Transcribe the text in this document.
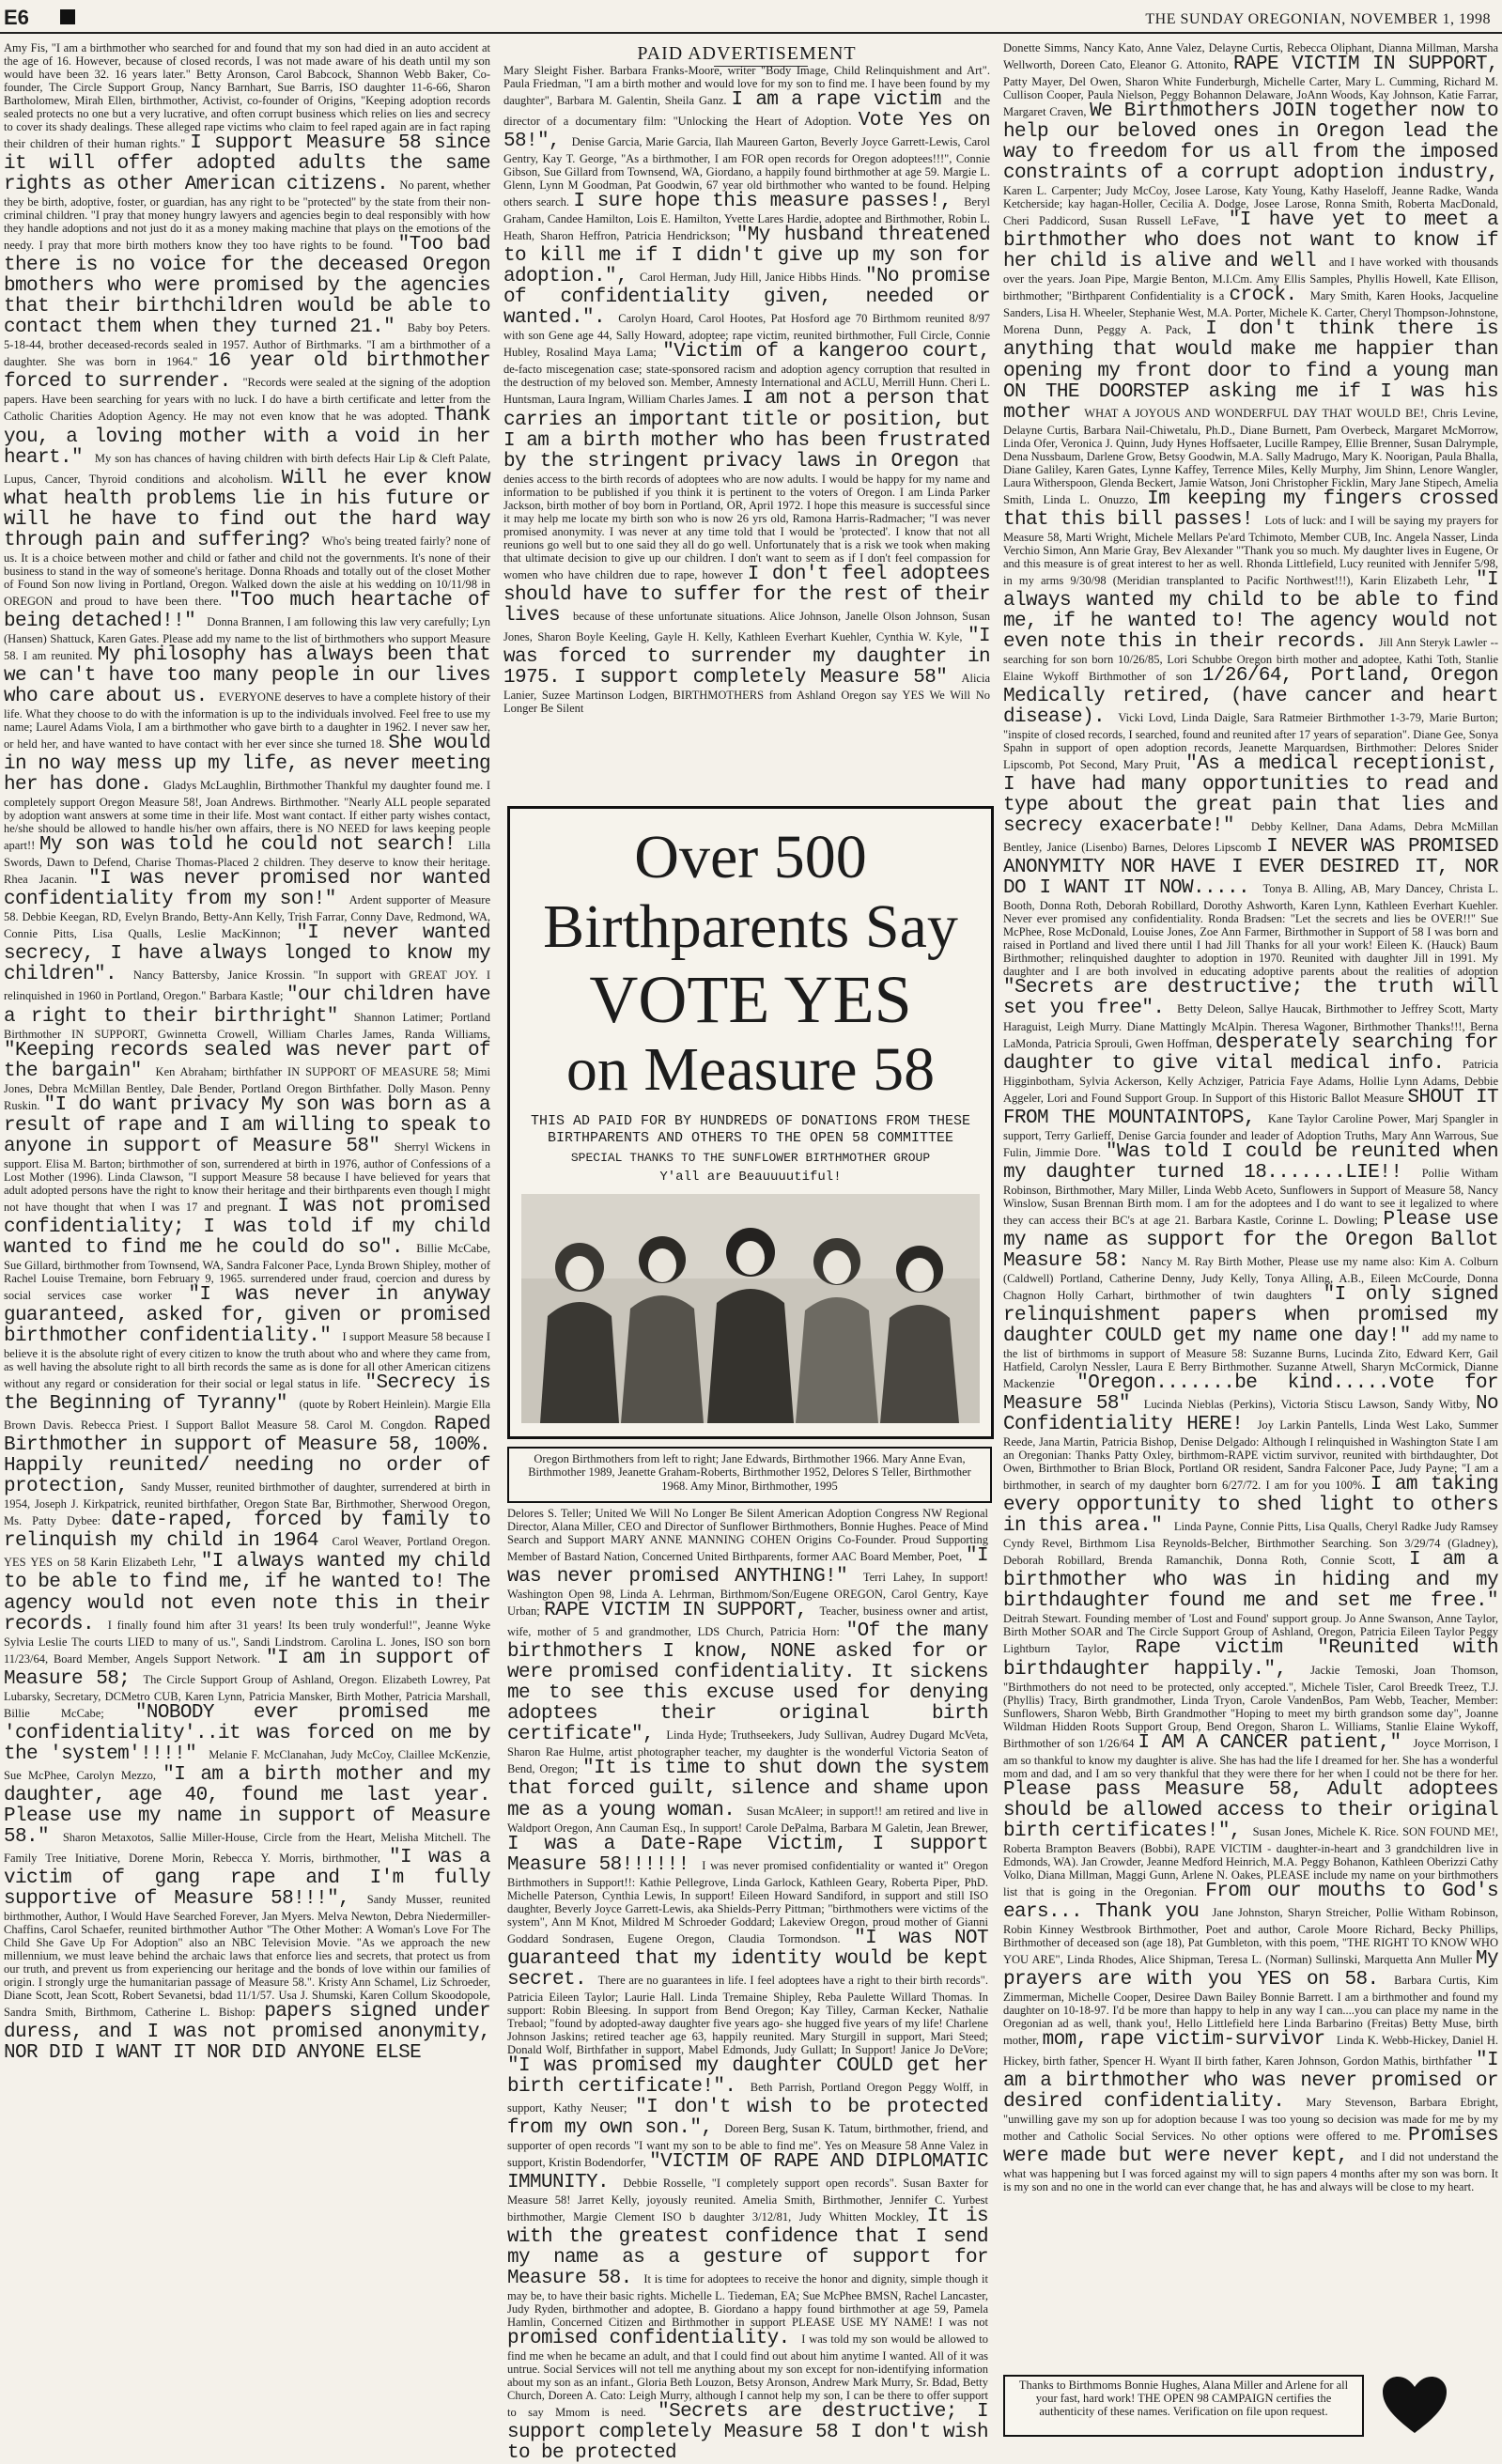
E6	THE SUNDAY OREGONIAN, NOVEMBER 1, 1998
PAID ADVERTISEMENT
Amy Fis, "I am a birthmother who searched for and found that my son had died in an auto accident at the age of 16. However, because of closed records, I was not made aware of his death until my son would have been 32. 16 years later." Betty Aronson, Carol Babcock, Shannon Webb Baker, Co-founder, The Circle Support Group, Nancy Barnhart, Sue Barris, ISO daughter 11-6-66, Sharon Bartholomew, Mirah Ellen, birthmother, Activist, co-founder of Origins, "Keeping adoption records sealed protects no one but a very lucrative, and often corrupt business which relies on lies and secrecy to cover its shady dealings. These alleged rape victims who claim to feel raped again are in fact raping their children of their human rights." I support Measure 58 since it will offer adopted adults the same rights as other American citizens. No parent, whether they be birth, adoptive, foster, or guardian, has any right to be "protected" by the state from their non-criminal children. "I pray that money hungry lawyers and agencies begin to deal responsibly with how they handle adoptions and not just do it as a money making machine that plays on the emotions of the needy. I pray that more birth mothers know they too have rights to be found. "Too bad there is no voice for the deceased Oregon bmothers who were promised by the agencies that their birthchildren would be able to contact them when they turned 21." Baby boy Peters. 5-18-44, brother deceased-records sealed in 1957. Author of Birthmarks. "I am a birthmother of a daughter. She was born in 1964." 16 year old birthmother forced to surrender. "Records were sealed at the signing of the adoption papers. Have been searching for years with no luck. I do have a birth certificate and letter from the Catholic Charities Adoption Agency. He may not even know that he was adopted. Thank you, a loving mother with a void in her heart." My son has chances of having children with birth defects Hair Lip & Cleft Palate, Lupus, Cancer, Thyroid conditions and alcoholism. Will he ever know what health problems lie in his future or will he have to find out the hard way through pain and suffering? Who's being treated fairly? none of us. It is a choice between mother and child or father and child not the governments. It's none of their business to stand in the way of someone's heritage. Donna Rhoads and totally out of the closet Mother of Found Son now living in Portland, Oregon. Walked down the aisle at his wedding on 10/11/98 in OREGON and proud to have been there. "Too much heartache of being detached!!" Donna Brannen, I am following this law very carefully; Lyn (Hansen) Shattuck, Karen Gates. Please add my name to the list of birthmothers who support Measure 58. I am reunited. My philosophy has always been that we can't have too many people in our lives who care about us. EVERYONE deserves to have a complete history of their life. What they choose to do with the information is up to the individuals involved. Feel free to use my name; Laurel Adams Viola, I am a birthmother who gave birth to a daughter in 1962. I never saw her, or held her, and have wanted to have contact with her ever since she turned 18. She would in no way mess up my life, as never meeting her has done. Gladys McLaughlin, Birthmother Thankful my daughter found me. I completely support Oregon Measure 58!, Joan Andrews. Birthmother. "Nearly ALL people separated by adoption want answers at some time in their life. Most want contact. If either party wishes contact, he/she should be allowed to handle his/her own affairs, there is NO NEED for laws keeping people apart!! My son was told he could not search! Lilla Swords, Dawn to Defend, Charise Thomas-Placed 2 children. They deserve to know their heritage. Rhea Jacanin. "I was never promised nor wanted confidentiality from my son!" Ardent supporter of Measure 58. Debbie Keegan, RD, Evelyn Brando, Betty-Ann Kelly, Trish Farrar, Conny Dave, Redmond, WA, Connie Pitts, Lisa Qualls, Leslie MacKinnon; "I never wanted secrecy, I have always longed to know my children". Nancy Battersby, Janice Krossin. "In support with GREAT JOY. I relinquished in 1960 in Portland, Oregon." Barbara Kastle; "our children have a right to their birthright" Shannon Latimer; Portland Birthmother IN SUPPORT, Gwinnetta Crowell, William Charles James, Randa Williams, "Keeping records sealed was never part of the bargain" Ken Abraham; birthfather IN SUPPORT OF MEASURE 58; Mimi Jones, Debra McMillan Bentley, Dale Bender, Portland Oregon Birthfather. Dolly Mason. Penny Ruskin. "I do want privacy My son was born as a result of rape and I am willing to speak to anyone in support of Measure 58" Sherryl Wickens in support. Elisa M. Barton; birthmother of son, surrendered at birth in 1976, author of Confessions of a Lost Mother (1996). Linda Clawson, "I support Measure 58 because I have believed for years that adult adopted persons have the right to know their heritage and their birthparents even though I might not have thought that when I was 17 and pregnant. I was not promised confidentiality; I was told if my child wanted to find me he could do so". Billie McCabe, Sue Gillard, birthmother from Townsend, WA, Sandra Falconer Pace, Lynda Brown Shipley, mother of Rachel Louise Tremaine, born February 9, 1965. surrendered under fraud, coercion and duress by social services case worker "I was never in anyway guaranteed, asked for, given or promised birthmother confidentiality." I support Measure 58 because I believe it is the absolute right of every citizen to know the truth about who and where they came from, as well having the absolute right to all birth records the same as is done for all other American citizens without any regard or consideration for their social or legal status in life. "Secrecy is the Beginning of Tyranny" (quote by Robert Heinlein). Margie Ella Brown Davis. Rebecca Priest. I Support Ballot Measure 58. Carol M. Congdon. Raped Birthmother in support of Measure 58, 100%. Happily reunited/ needing no order of protection, Sandy Musser, reunited birthmother of daughter, surrendered at birth in 1954, Joseph J. Kirkpatrick, reunited birthfather, Oregon State Bar, Birthmother, Sherwood Oregon, Ms. Patty Dybee: date-raped, forced by family to relinquish my child in 1964 Carol Weaver, Portland Oregon. YES YES on 58 Karin Elizabeth Lehr, "I always wanted my child to be able to find me, if he wanted to! The agency would not even note this in their records. I finally found him after 31 years! Its been truly wonderful!", Jeanne Wyke Sylvia Leslie The courts LIED to many of us.", Sandi Lindstrom. Carolina L. Jones, ISO son born 11/23/64, Board Member, Angels Support Network. "I am in support of Measure 58; The Circle Support Group of Ashland, Oregon. Elizabeth Lowrey, Pat Lubarsky, Secretary, DCMetro CUB, Karen Lynn, Patricia Mansker, Birth Mother, Patricia Marshall, Billie McCabe; "NOBODY ever promised me 'confidentiality'..it was forced on me by the 'system'!!!!" Melanie F. McClanahan, Judy McCoy, Claillee McKenzie, Sue McPhee, Carolyn Mezzo, "I am a birth mother and my daughter, age 40, found me last year. Please use my name in support of Measure 58." Sharon Metaxotos, Sallie Miller-House, Circle from the Heart, Melisha Mitchell. The Family Tree Initiative, Dorene Morin, Rebecca Y. Morris, birthmother, "I was a victim of gang rape and I'm fully supportive of Measure 58!!!", Sandy Musser, reunited birthmother, Author, I Would Have Searched Forever, Jan Myers. Melva Newton, Debra Niedermiller-Chaffins, Carol Schaefer, reunited birthmother Author "The Other Mother: A Woman's Love For The Child She Gave Up For Adoption" also an NBC Television Movie. "As we approach the new millennium, we must leave behind the archaic laws that enforce lies and secrets, that protect us from our truth, and prevent us from experiencing our heritage and the bonds of love within our families of origin. I strongly urge the humanitarian passage of Measure 58.". Kristy Ann Schamel, Liz Schroeder, Diane Scott, Jean Scott, Robert Sevanetsi, bdad 11/1/57. Usa J. Shumski, Karen Collum Skoodopole, Sandra Smith, Birthmom, Catherine L. Bishop: papers signed under duress, and I was not promised anonymity, NOR DID I WANT IT NOR DID ANYONE ELSE
Mary Sleight Fisher. Barbara Franks-Moore, writer "Body Image, Child Relinquishment and Art". Paula Friedman, "I am a birth mother and would love for my son to find me. I have been found by my daughter", Barbara M. Galentin, Sheila Ganz. I am a rape victim and the director of a documentary film: "Unlocking the Heart of Adoption. Vote Yes on 58!", Denise Garcia, Marie Garcia, Ilah Maureen Garton, Beverly Joyce Garrett-Lewis, Carol Gentry, Kay T. George, "As a birthmother, I am FOR open records for Oregon adoptees!!!", Connie Gibson, Sue Gillard from Townsend, WA, Giordano, a happily found birthmother at age 59. Margie L. Glenn, Lynn M Goodman, Pat Goodwin, 67 year old birthmother who wanted to be found. Helping others search. I sure hope this measure passes!, Beryl Graham, Candee Hamilton, Lois E. Hamilton, Yvette Lares Hardie, adoptee and Birthmother, Robin L. Heath, Sharon Heffron, Patricia Hendrickson; "My husband threatened to kill me if I didn't give up my son for adoption.", Carol Herman, Judy Hill, Janice Hibbs Hinds. "No promise of confidentiality given, needed or wanted.". Carolyn Hoard, Carol Hootes, Pat Hosford age 70 Birthmom reunited 8/97 with son Gene age 44, Sally Howard, adoptee; rape victim, reunited birthmother, Full Circle, Connie Hubley, Rosalind Maya Lama; "Victim of a kangeroo court, de-facto miscegenation case; state-sponsored racism and adoption agency corruption that resulted in the destruction of my beloved son. Member, Amnesty International and ACLU, Merrill Hunn. Cheri L. Huntsman, Laura Ingram, William Charles James. I am not a person that carries an important title or position, but I am a birth mother who has been frustrated by the stringent privacy laws in Oregon that denies access to the birth records of adoptees who are now adults. I would be happy for my name and information to be published if you think it is pertinent to the voters of Oregon. I am Linda Parker Jackson, birth mother of boy born in Portland, OR, April 1972. I hope this measure is successful since it may help me locate my birth son who is now 26 yrs old, Ramona Harris-Radmacher; "I was never promised anonymity. I was never at any time told that I would be 'protected'. I know that not all reunions go well but to one said they all do go well. Unfortunately that is a risk we took when making that ultimate decision to give up our children. I don't want to seem as if I don't feel compassion for women who have children due to rape, however I don't feel adoptees should have to suffer for the rest of their lives because of these unfortunate situations. Alice Johnson, Janelle Olson Johnson, Susan Jones, Sharon Boyle Keeling, Gayle H. Kelly, Kathleen Everhart Kuehler, Cynthia W. Kyle, "I was forced to surrender my daughter in 1975. I support completely Measure 58" Alicia Lanier, Suzee Martinson Lodgen, BIRTHMOTHERS from Ashland Oregon say YES We Will No Longer Be Silent
Over 500
Birthparents Say
VOTE YES
on Measure 58
THIS AD PAID FOR BY HUNDREDS OF DONATIONS FROM THESE BIRTHPARENTS AND OTHERS TO THE OPEN 58 COMMITTEE
SPECIAL THANKS TO THE SUNFLOWER BIRTHMOTHER GROUP
Y'all are Beauuuutiful!
Oregon Birthmothers from left to right; Jane Edwards, Birthmother 1966. Mary Anne Evan, Birthmother 1989, Jeanette Graham-Roberts, Birthmother 1952, Delores S Teller, Birthmother 1968. Amy Minor, Birthmother, 1995
Delores S. Teller; United We Will No Longer Be Silent American Adoption Congress NW Regional Director, Alana Miller, CEO and Director of Sunflower Birthmothers, Bonnie Hughes. Peace of Mind Search and Support MARY ANNE MANNING COHEN Origins Co-Founder. Proud Supporting Member of Bastard Nation, Concerned United Birthparents, former AAC Board Member, Poet, "I was never promised ANYTHING!" Terri Lahey, In support! Washington Open 98, Linda A. Lehrman, Birthmom/Son/Eugene OREGON, Carol Gentry, Kaye Urban; RAPE VICTIM IN SUPPORT, Teacher, business owner and artist, wife, mother of 5 and grandmother, LDS Church, Patricia Horn: "Of the many birthmothers I know, NONE asked for or were promised confidentiality. It sickens me to see this excuse used for denying adoptees their original birth certificate", Linda Hyde; Truthseekers, Judy Sullivan, Audrey Dugard McVeta, Sharon Rae Hulme, artist photographer teacher, my daughter is the wonderful Victoria Seaton of Bend, Oregon; "It is time to shut down the system that forced guilt, silence and shame upon me as a young woman. Susan McAleer; in support!! am retired and live in Waldport Oregon, Ann Cauman Esq., In support! Carole DePalma, Barbara M Galetin, Jean Brewer, I was a Date-Rape Victim, I support Measure 58!!!!!! I was never promised confidentiality or wanted it" Oregon Birthmothers in Support!!: Kathie Pellegrove, Linda Garlock, Kathleen Geary, Roberta Piper, PhD. Michelle Paterson, Cynthia Lewis, In support! Eileen Howard Sandiford, in support and still ISO daughter, Beverly Joyce Garrett-Lewis, aka Shields-Perry Pittman; "birthmothers were victims of the system", Ann M Knot, Mildred M Schroeder Goddard; Lakeview Oregon, proud mother of Gianni Goddard Sondrasen, Eugene Oregon, Claudia Tormondson. "I was NOT guaranteed that my identity would be kept secret. There are no guarantees in life. I feel adoptees have a right to their birth records". Patricia Eileen Taylor; Laurie Hall. Linda Tremaine Shipley, Reba Paulette Willard Thomas. In support: Robin Bleesing. In support from Bend Oregon; Kay Tilley, Carman Kecker, Nathalie Trebaol; "found by adopted-away daughter five years ago- she hugged five years of my life! Charlene Johnson Jaskins; retired teacher age 63, happily reunited. Mary Sturgill in support, Mari Steed; Donald Wolf, Birthfather in support, Mabel Edmonds, Judy Gullatt; In Support! Janice Jo DeVore; "I was promised my daughter COULD get her birth certificate!". Beth Parrish, Portland Oregon Peggy Wolff, in support, Kathy Neuser; "I don't wish to be protected from my own son.", Doreen Berg, Susan K. Tatum, birthmother, friend, and supporter of open records "I want my son to be able to find me". Yes on Measure 58 Anne Valez in support, Kristin Bodendorfer, "VICTIM OF RAPE AND DIPLOMATIC IMMUNITY. Debbie Rosselle, "I completely support open records". Susan Baxter for Measure 58! Jarret Kelly, joyously reunited. Amelia Smith, Birthmother, Jennifer C. Yurbest birthmother, Margie Clement ISO b daughter 3/12/81, Judy Whitten Mockley, It is with the greatest confidence that I send my name as a gesture of support for Measure 58. It is time for adoptees to receive the honor and dignity, simple though it may be, to have their basic rights. Michelle L. Tiedeman, EA; Sue McPhee BMSN, Rachel Lancaster, Judy Ryden, birthmother and adoptee, B. Giordano a happy found birthmother at age 59, Pamela Hamlin, Concerned Citizen and Birthmother in support PLEASE USE MY NAME! I was not promised confidentiality. I was told my son would be allowed to find me when he became an adult, and that I could find out about him anytime I wanted. All of it was untrue. Social Services will not tell me anything about my son except for non-identifying information about my son as an infant., Gloria Beth Louzon, Betsy Aronson, Andrew Mark Murry, Sr. Bdad, Betty Church, Doreen A. Cato: Leigh Murry, although I cannot help my son, I can be there to offer support to say Mmom is need. "Secrets are destructive; I support completely Measure 58 I don't wish to be protected
Donette Simms, Nancy Kato, Anne Valez, Delayne Curtis, Rebecca Oliphant, Dianna Millman, Marsha Wellworth, Doreen Cato, Eleanor G. Attonito, RAPE VICTIM IN SUPPORT, Patty Mayer, Del Owen, Sharon White Funderburgh, Michelle Carter, Mary L. Cumming, Richard M. Cullison Cooper, Paula Nielson, Peggy Bohannon Delaware, JoAnn Woods, Kay Johnson, Katie Farrar, Margaret Craven, We Birthmothers JOIN together now to help our beloved ones in Oregon lead the way to freedom for us all from the imposed constraints of a corrupt adoption industry, Karen L. Carpenter; Judy McCoy, Josee Larose, Katy Young, Kathy Haseloff, Jeanne Radke, Wanda Ketcherside; kay hagan-Holler, Cecilia A. Dodge, Josee Larose, Ronna Smith, Roberta MacDonald, Cheri Paddicord, Susan Russell LeFave, "I have yet to meet a birthmother who does not want to know if her child is alive and well and I have worked with thousands over the years. Joan Pipe, Margie Benton, M.I.Cm. Amy Ellis Samples, Phyllis Howell, Kate Ellison, birthmother; "Birthparent Confidentiality is a crock. Mary Smith, Karen Hooks, Jacqueline Sanders, Lisa H. Wheeler, Stephanie West, M.A. Porter, Michele K. Carter, Cheryl Thompson-Johnstone, Morena Dunn, Peggy A. Pack, I don't think there is anything that would make me happier than opening my front door to find a young man ON THE DOORSTEP asking me if I was his mother WHAT A JOYOUS AND WONDERFUL DAY THAT WOULD BE!, Chris Levine, Delayne Curtis, Barbara Nail-Chiwetalu, Ph.D., Diane Burnett, Pam Overbeck, Margaret McMorrow, Linda Ofer, Veronica J. Quinn, Judy Hynes Hoffsaeter, Lucille Rampey, Ellie Brenner, Susan Dalrymple, Dena Nussbaum, Darlene Grow, Betsy Goodwin, M.A. Sally Madrugo, Mary K. Noorigan, Paula Bhalla, Diane Galiley, Karen Gates, Lynne Kaffey, Terrence Miles, Kelly Murphy, Jim Shinn, Lenore Wangler, Laura Witherspoon, Glenda Beckert, Jamie Watson, Joni Christopher Ficklin, Mary Jane Stipech, Amelia Smith, Linda L. Onuzzo, Im keeping my fingers crossed that this bill passes! Lots of luck: and I will be saying my prayers for Measure 58, Marti Wright, Michele Mellars Pe'ard Tchimoto, Member CUB, Inc. Angela Nasser, Linda Verchio Simon, Ann Marie Gray, Bev Alexander "'Thank you so much. My daughter lives in Eugene, Or and this measure is of great interest to her as well. Rhonda Littlefield, Lucy reunited with Jennifer 5/98, in my arms 9/30/98 (Meridian transplanted to Pacific Northwest!!!), Karin Elizabeth Lehr, "I always wanted my child to be able to find me, if he wanted to! The agency would not even note this in their records. Jill Ann Steryk Lawler -- searching for son born 10/26/85, Lori Schubbe Oregon birth mother and adoptee, Kathi Toth, Stanlie Elaine Wykoff Birthmother of son 1/26/64, Portland, Oregon Medically retired, (have cancer and heart disease). Vicki Lovd, Linda Daigle, Sara Ratmeier Birthmother 1-3-79, Marie Burton; "inspite of closed records, I searched, found and reunited after 17 years of separation". Diane Gee, Sonya Spahn in support of open adoption records, Jeanette Marquardsen, Birthmother: Delores Snider Lipscomb, Pot Second, Mary Pruit, "As a medical receptionist, I have had many opportunities to read and type about the great pain that lies and secrecy exacerbate!" Debby Kellner, Dana Adams, Debra McMillan Bentley, Janice (Lisenbo) Barnes, Delores Lipscomb I NEVER WAS PROMISED ANONYMITY NOR HAVE I EVER DESIRED IT, NOR DO I WANT IT NOW..... Tonya B. Alling, AB, Mary Dancey, Christa L. Booth, Donna Roth, Deborah Robillard, Dorothy Ashworth, Karen Lynn, Kathleen Everhart Kuehler. Never ever promised any confidentiality. Ronda Bradsen: "Let the secrets and lies be OVER!!" Sue McPhee, Rose McDonald, Louise Jones, Zoe Ann Farmer, Birthmother in Support of 58 I was born and raised in Portland and lived there until I had Jill Thanks for all your work! Eileen K. (Hauck) Baum Birthmother; relinquished daughter to adoption in 1970. Reunited with daughter Jill in 1991. My daughter and I are both involved in educating adoptive parents about the realities of adoption "Secrets are destructive; the truth will set you free". Betty Deleon, Sallye Haucak, Birthmother to Jeffrey Scott, Marty Haraguist, Leigh Murry. Diane Mattingly McAlpin. Theresa Wagoner, Birthmother Thanks!!!, Berna LaMonda, Patricia Sprouli, Gwen Hoffman, desperately searching for daughter to give vital medical info. Patricia Higginbotham, Sylvia Ackerson, Kelly Achziger, Patricia Faye Adams, Hollie Lynn Adams, Debbie Aggeler, Lori and Found Support Group. In Support of this Historic Ballot Measure SHOUT IT FROM THE MOUNTAINTOPS, Kane Taylor Caroline Power, Marj Spangler in support, Terry Garlieff, Denise Garcia founder and leader of Adoption Truths, Mary Ann Warrous, Sue Fulin, Jimmie Dore. "Was told I could be reunited when my daughter turned 18.......LIE!! Pollie Witham Robinson, Birthmother, Mary Miller, Linda Webb Aceto, Sunflowers in Support of Measure 58, Nancy Winslow, Susan Brennan Birth mom. I am for the adoptees and I do want to see it legalized to where they can access their BC's at age 21. Barbara Kastle, Corinne L. Dowling; Please use my name as support for the Oregon Ballot Measure 58: Nancy M. Ray Birth Mother, Please use my name also: Kim A. Colburn (Caldwell) Portland, Catherine Denny, Judy Kelly, Tonya Alling, A.B., Eileen McCourde, Donna Chagnon Holly Carhart, birthmother of twin daughters "I only signed relinquishment papers when promised my daughter COULD get my name one day!" add my name to the list of birthmoms in support of Measure 58: Suzanne Burns, Lucinda Zito, Edward Kerr, Gail Hatfield, Carolyn Nessler, Laura E Berry Birthmother. Suzanne Atwell, Sharyn McCormick, Dianne Mackenzie "Oregon.......be kind.....vote for Measure 58" Lucinda Nieblas (Perkins), Victoria Stiscu Lawson, Sandy Witby, No Confidentiality HERE! Joy Larkin Pantells, Linda West Lako, Summer Reede, Jana Martin, Patricia Bishop, Denise Delgado: Although I relinquished in Washington State I am an Oregonian: Thanks Patty Oxley, birthmom-RAPE victim survivor, reunited with birthdaughter, Dot Owen, Birthmother to Brian Block, Portland OR resident, Sandra Falconer Pace, Judy Payne; "I am a birthmother, in search of my daughter born 6/27/72. I am for you 100%. I am taking every opportunity to shed light to others in this area." Linda Payne, Connie Pitts, Lisa Qualls, Cheryl Radke Judy Ramsey Cyndy Revel, Birthmom Lisa Reynolds-Belcher, Birthmother Searching. Son 3/29/74 (Gladney), Deborah Robillard, Brenda Ramanchik, Donna Roth, Connie Scott, I am a birthmother who was in hiding and my birthdaughter found me and set me free." Deitrah Stewart. Founding member of 'Lost and Found' support group. Jo Anne Swanson, Anne Taylor, Birth Mother SOAR and The Circle Support Group of Ashland, Oregon, Patricia Eileen Taylor Peggy Lightburn Taylor, Rape victim "Reunited with birthdaughter happily.", Jackie Temoski, Joan Thomson, "Birthmothers do not need to be protected, only accepted.", Michele Tisler, Carol Breedk Treez, T.J. (Phyllis) Tracy, Birth grandmother, Linda Tryon, Carole VandenBos, Pam Webb, Teacher, Member: Sunflowers, Sharon Webb, Birth Grandmother "Hoping to meet my birth grandson some day", Joanne Wildman Hidden Roots Support Group, Bend Oregon, Sharon L. Williams, Stanlie Elaine Wykoff, Birthmother of son 1/26/64 I AM A CANCER patient," Joyce Morrison, I am so thankful to know my daughter is alive. She has had the life I dreamed for her. She has a wonderful mom and dad, and I am so very thankful that they were there for her when I could not be there for her. Please pass Measure 58, Adult adoptees should be allowed access to their original birth certificates!", Susan Jones, Michele K. Rice. SON FOUND ME!, Roberta Brampton Beavers (Bobbi), RAPE VICTIM - daughter-in-heart and 3 grandchildren live in Edmonds, WA). Jan Crowder, Jeanne Medford Heinrich, M.A. Peggy Bohanon, Kathleen Oberizzi Cathy Volko, Diana Millman, Maggi Gunn, Arlene N. Oakes, PLEASE include my name on your birthmothers list that is going in the Oregonian. From our mouths to God's ears... Thank you Jane Johnston, Sharyn Streicher, Pollie Witham Robinson, Robin Kinney Westbrook Birthmother, Poet and author, Carole Moore Richard, Becky Phillips, Birthmother of deceased son (age 18), Pat Gumbleton, with this poem, "THE RIGHT TO KNOW WHO YOU ARE", Linda Rhodes, Alice Shipman, Teresa L. (Norman) Sullinski, Marquetta Ann Muller My prayers are with you YES on 58. Barbara Curtis, Kim Zimmerman, Michelle Cooper, Desiree Dawn Bailey Bonnie Barrett. I am a birthmother and found my daughter on 10-18-97. I'd be more than happy to help in any way I can....you can place my name in the Oregonian ad as well, thank you!, Hello Littlefield here Linda Barbarino (Freitas) Betty Muse, birth mother, mom, rape victim-survivor Linda K. Webb-Hickey, Daniel H. Hickey, birth father, Spencer H. Wyant II birth father, Karen Johnson, Gordon Mathis, birthfather "I am a birthmother who was never promised or desired confidentiality. Mary Stevenson, Barbara Ebright, "unwilling gave my son up for adoption because I was too young so decision was made for me by my mother and Catholic Social Services. No other options were offered to me. Promises were made but were never kept, and I did not understand the what was happening but I was forced against my will to sign papers 4 months after my son was born. It is my son and no one in the world can ever change that, he has and always will be close to my heart.
Thanks to Birthmoms Bonnie Hughes, Alana Miller and Arlene for all your fast, hard work! THE OPEN 98 CAMPAIGN certifies the authenticity of these names. Verification on file upon request.
